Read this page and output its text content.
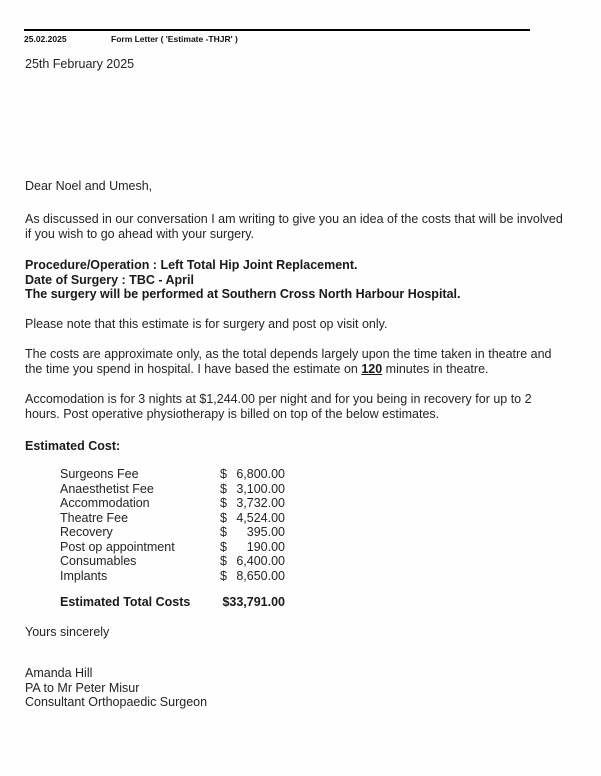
25.02.2025	Form Letter ( 'Estimate -THJR' )
25th February 2025
Dear Noel and Umesh,
As discussed in our conversation I am writing to give you an idea of the costs that will be involved if you wish to go ahead with your surgery.
Procedure/Operation : Left Total Hip Joint Replacement.
Date of Surgery : TBC - April
The surgery will be performed at Southern Cross North Harbour Hospital.
Please note that this estimate is for surgery and post op visit only.
The costs are approximate only, as the total depends largely upon the time taken in theatre and the time you spend in hospital. I have based the estimate on 120 minutes in theatre.
Accomodation is for 3 nights at $1,244.00 per night and for you being in recovery for up to 2 hours. Post operative physiotherapy is billed on top of the below estimates.
Estimated Cost:
Surgeons Fee	$ 6,800.00
Anaesthetist Fee	$ 3,100.00
Accommodation	$ 3,732.00
Theatre Fee	$ 4,524.00
Recovery	$	395.00
Post op appointment	$	190.00
Consumables	$ 6,400.00
Implants	$ 8,650.00
Estimated Total Costs	$33,791.00
Yours sincerely
Amanda Hill
PA to Mr Peter Misur
Consultant Orthopaedic Surgeon
